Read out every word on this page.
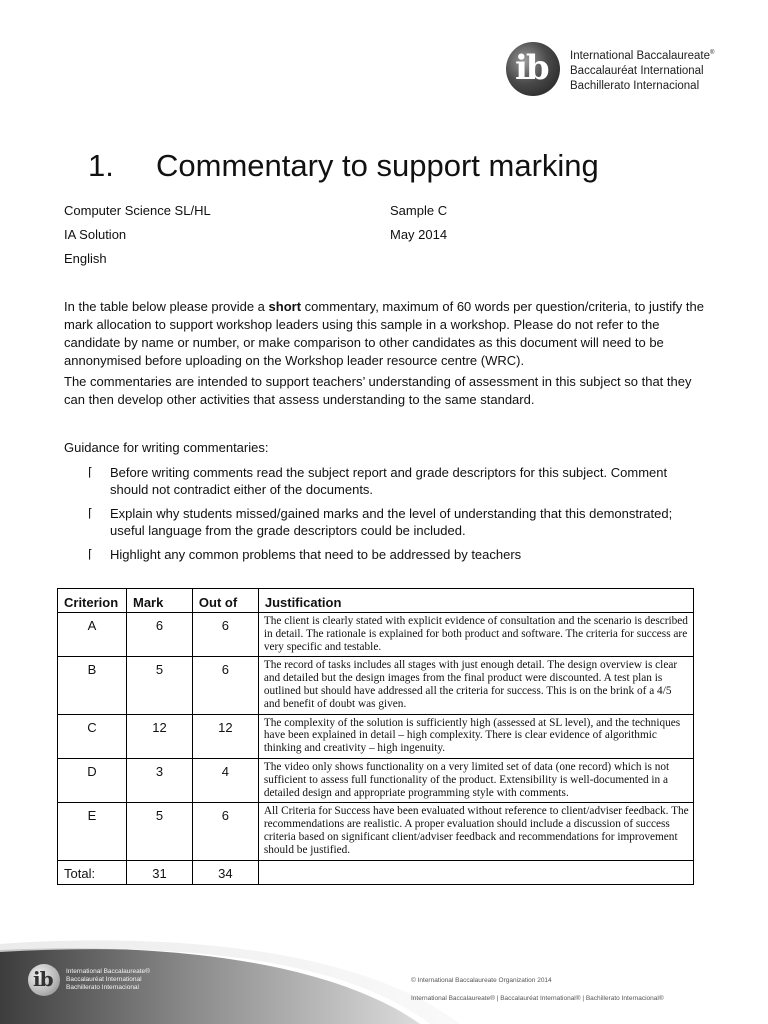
ib International Baccalaureate®
Baccalauréat International
Bachillerato Internacional
1. Commentary to support marking
Computer Science SL/HL
IA Solution
English
Sample C
May 2014
In the table below please provide a short commentary, maximum of 60 words per question/criteria, to justify the mark allocation to support workshop leaders using this sample in a workshop. Please do not refer to the candidate by name or number, or make comparison to other candidates as this document will need to be annonymised before uploading on the Workshop leader resource centre (WRC).
The commentaries are intended to support teachers’ understanding of assessment in this subject so that they can then develop other activities that assess understanding to the same standard.
Guidance for writing commentaries:
⌈ Before writing comments read the subject report and grade descriptors for this subject. Comment should not contradict either of the documents.
⌈ Explain why students missed/gained marks and the level of understanding that this demonstrated; useful language from the grade descriptors could be included.
⌈ Highlight any common problems that need to be addressed by teachers
Criterion	Mark	Out of	Justification
A	6	6	The client is clearly stated with explicit evidence of consultation and the scenario is described in detail. The rationale is explained for both product and software. The criteria for success are very specific and testable.
B	5	6	The record of tasks includes all stages with just enough detail. The design overview is clear and detailed but the design images from the final product were discounted. A test plan is outlined but should have addressed all the criteria for success. This is on the brink of a 4/5 and benefit of doubt was given.
C	12	12	The complexity of the solution is sufficiently high (assessed at SL level), and the techniques have been explained in detail – high complexity. There is clear evidence of algorithmic thinking and creativity – high ingenuity.
D	3	4	The video only shows functionality on a very limited set of data (one record) which is not sufficient to assess full functionality of the product. Extensibility is well-documented in a detailed design and appropriate programming style with comments.
E	5	6	All Criteria for Success have been evaluated without reference to client/adviser feedback. The recommendations are realistic. A proper evaluation should include a discussion of success criteria based on significant client/adviser feedback and recommendations for improvement should be justified.
Total:	31	34	
ib International Baccalaureate®
Baccalauréat International
Bachillerato Internacional
© International Baccalaureate Organization 2014
International Baccalaureate® | Baccalauréat International® | Bachillerato Internacional®
